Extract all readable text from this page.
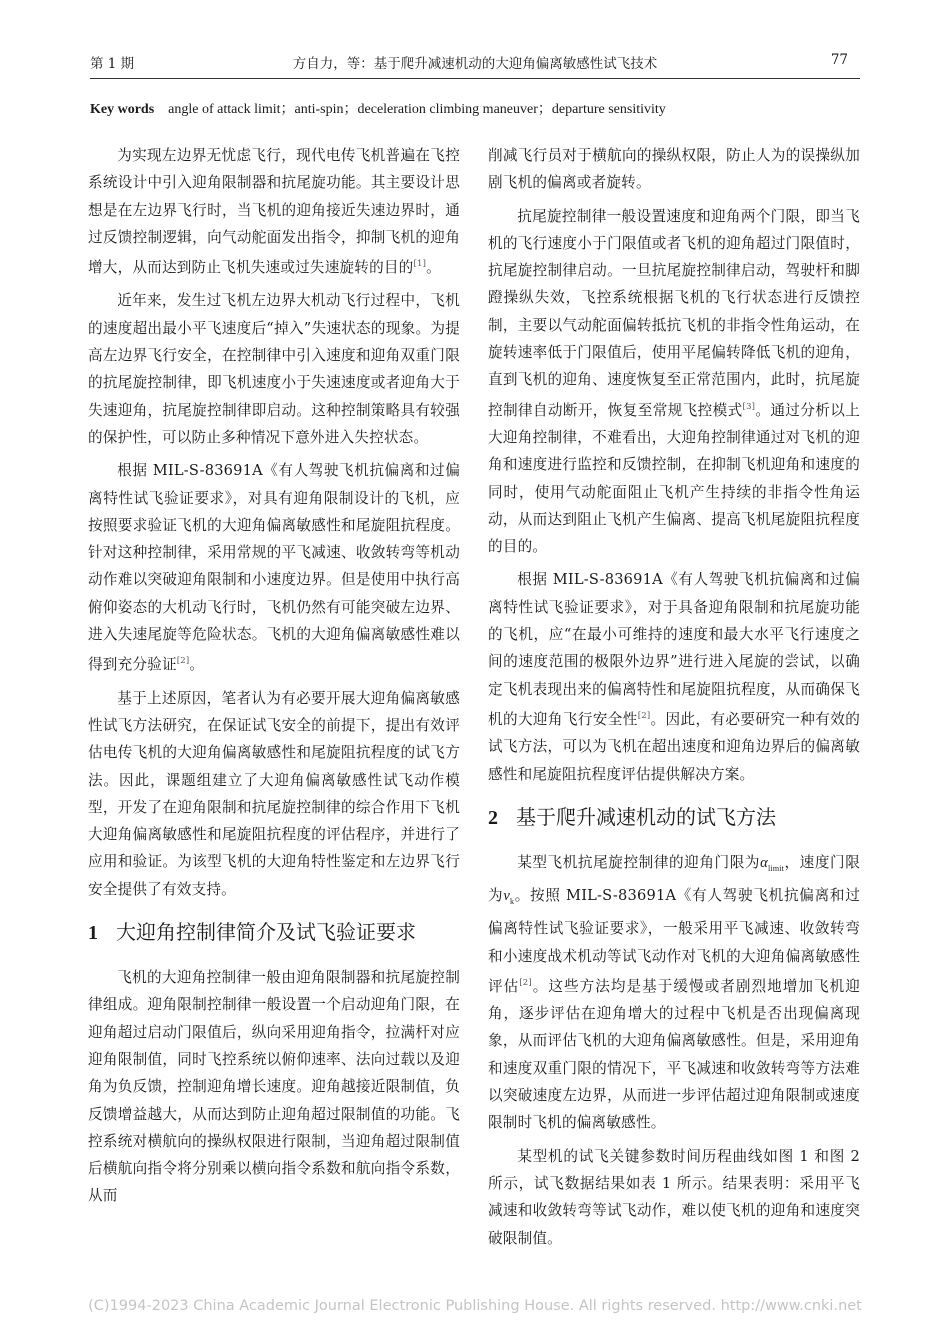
第 1 期	方自力，等：基于爬升减速机动的大迎角偏离敏感性试飞技术	77
Key words angle of attack limit；anti-spin；deceleration climbing maneuver；departure sensitivity

为实现左边界无忧虑飞行，现代电传飞机普遍在飞控系统设计中引入迎角限制器和抗尾旋功能。其主要设计思想是在左边界飞行时，当飞机的迎角接近失速边界时，通过反馈控制逻辑，向气动舵面发出指令，抑制飞机的迎角增大，从而达到防止飞机失速或过失速旋转的目的[1]。

近年来，发生过飞机左边界大机动飞行过程中，飞机的速度超出最小平飞速度后“掉入”失速状态的现象。为提高左边界飞行安全，在控制律中引入速度和迎角双重门限的抗尾旋控制律，即飞机速度小于失速速度或者迎角大于失速迎角，抗尾旋控制律即启动。这种控制策略具有较强的保护性，可以防止多种情况下意外进入失控状态。

根据 MIL-S-83691A《有人驾驶飞机抗偏离和过偏离特性试飞验证要求》，对具有迎角限制设计的飞机，应按照要求验证飞机的大迎角偏离敏感性和尾旋阻抗程度。针对这种控制律，采用常规的平飞减速、收敛转弯等机动动作难以突破迎角限制和小速度边界。但是使用中执行高俯仰姿态的大机动飞行时，飞机仍然有可能突破左边界、进入失速尾旋等危险状态。飞机的大迎角偏离敏感性难以得到充分验证[2]。

基于上述原因，笔者认为有必要开展大迎角偏离敏感性试飞方法研究，在保证试飞安全的前提下，提出有效评估电传飞机的大迎角偏离敏感性和尾旋阻抗程度的试飞方法。因此，课题组建立了大迎角偏离敏感性试飞动作模型，开发了在迎角限制和抗尾旋控制律的综合作用下飞机大迎角偏离敏感性和尾旋阻抗程度的评估程序，并进行了应用和验证。为该型飞机的大迎角特性鉴定和左边界飞行安全提供了有效支持。

1 大迎角控制律简介及试飞验证要求

飞机的大迎角控制律一般由迎角限制器和抗尾旋控制律组成。迎角限制控制律一般设置一个启动迎角门限，在迎角超过启动门限值后，纵向采用迎角指令，拉满杆对应迎角限制值，同时飞控系统以俯仰速率、法向过载以及迎角为负反馈，控制迎角增长速度。迎角越接近限制值，负反馈增益越大，从而达到防止迎角超过限制值的功能。飞控系统对横航向的操纵权限进行限制，当迎角超过限制值后横航向指令将分别乘以横向指令系数和航向指令系数，从而

削减飞行员对于横航向的操纵权限，防止人为的误操纵加剧飞机的偏离或者旋转。

抗尾旋控制律一般设置速度和迎角两个门限，即当飞机的飞行速度小于门限值或者飞机的迎角超过门限值时，抗尾旋控制律启动。一旦抗尾旋控制律启动，驾驶杆和脚蹬操纵失效，飞控系统根据飞机的飞行状态进行反馈控制，主要以气动舵面偏转抵抗飞机的非指令性角运动，在旋转速率低于门限值后，使用平尾偏转降低飞机的迎角，直到飞机的迎角、速度恢复至正常范围内，此时，抗尾旋控制律自动断开，恢复至常规飞控模式[3]。通过分析以上大迎角控制律，不难看出，大迎角控制律通过对飞机的迎角和速度进行监控和反馈控制，在抑制飞机迎角和速度的同时，使用气动舵面阻止飞机产生持续的非指令性角运动，从而达到阻止飞机产生偏离、提高飞机尾旋阻抗程度的目的。

根据 MIL-S-83691A《有人驾驶飞机抗偏离和过偏离特性试飞验证要求》，对于具备迎角限制和抗尾旋功能的飞机，应“在最小可维持的速度和最大水平飞行速度之间的速度范围的极限外边界”进行进入尾旋的尝试，以确定飞机表现出来的偏离特性和尾旋阻抗程度，从而确保飞机的大迎角飞行安全性[2]。因此，有必要研究一种有效的试飞方法，可以为飞机在超出速度和迎角边界后的偏离敏感性和尾旋阻抗程度评估提供解决方案。

2 基于爬升减速机动的试飞方法

某型飞机抗尾旋控制律的迎角门限为$\alpha_{limit}$，速度门限为$v_k$。按照 MIL-S-83691A《有人驾驶飞机抗偏离和过偏离特性试飞验证要求》，一般采用平飞减速、收敛转弯和小速度战术机动等试飞动作对飞机的大迎角偏离敏感性评估[2]。这些方法均是基于缓慢或者剧烈地增加飞机迎角，逐步评估在迎角增大的过程中飞机是否出现偏离现象，从而评估飞机的大迎角偏离敏感性。但是，采用迎角和速度双重门限的情况下，平飞减速和收敛转弯等方法难以突破速度左边界，从而进一步评估超过迎角限制或速度限制时飞机的偏离敏感性。

某型机的试飞关键参数时间历程曲线如图 1 和图 2 所示，试飞数据结果如表 1 所示。结果表明：采用平飞减速和收敛转弯等试飞动作，难以使飞机的迎角和速度突破限制值。

(C)1994-2023 China Academic Journal Electronic Publishing House. All rights reserved. http://www.cnki.net
